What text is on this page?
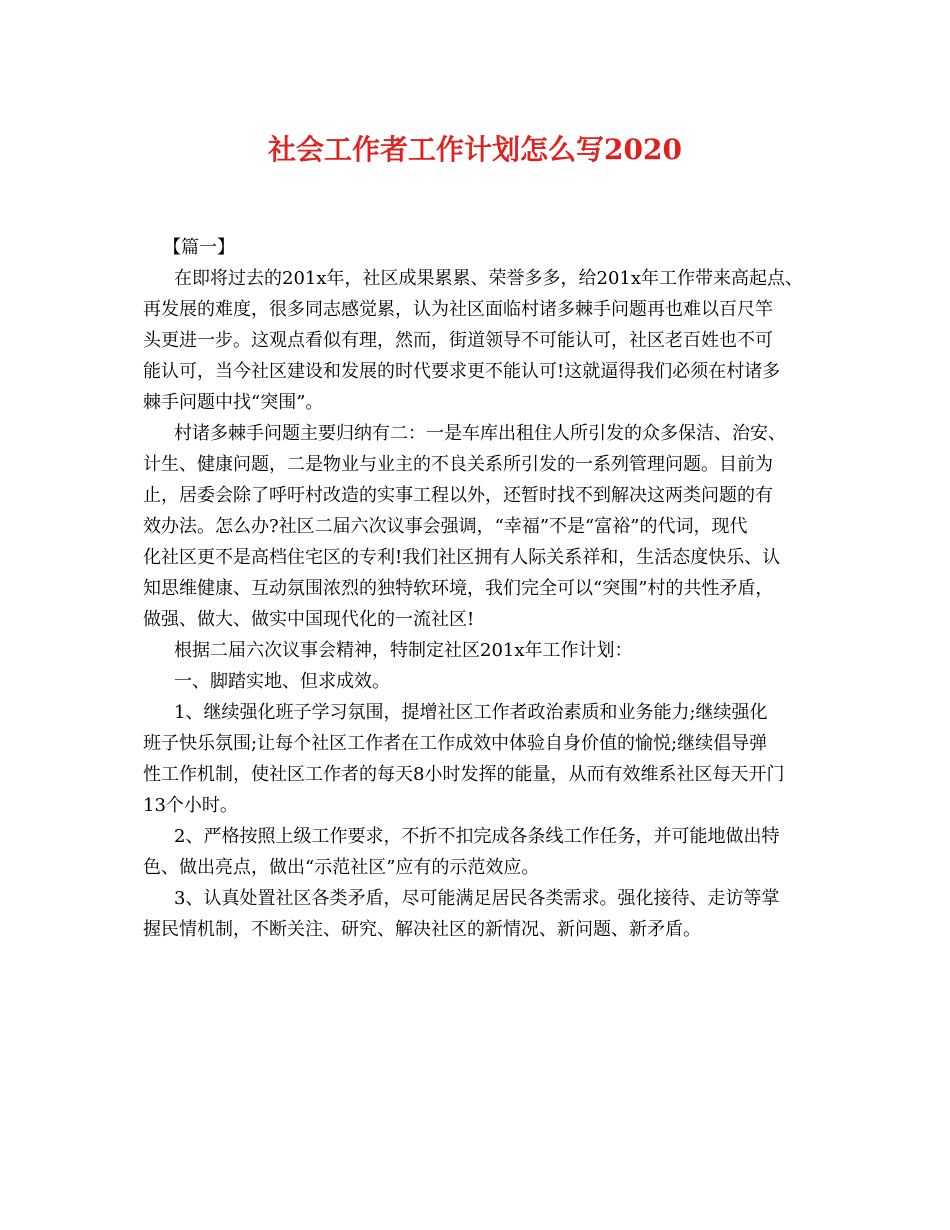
社会工作者工作计划怎么写2020
【篇一】

在即将过去的201x年，社区成果累累、荣誉多多，给201x年工作带来高起点、
再发展的难度，很多同志感觉累，认为社区面临村诸多棘手问题再也难以百尺竿
头更进一步。这观点看似有理，然而，街道领导不可能认可，社区老百姓也不可
能认可，当今社区建设和发展的时代要求更不能认可!这就逼得我们必须在村诸多
棘手问题中找“突围”。

村诸多棘手问题主要归纳有二：一是车库出租住人所引发的众多保洁、治安、
计生、健康问题，二是物业与业主的不良关系所引发的一系列管理问题。目前为
止，居委会除了呼吁村改造的实事工程以外，还暂时找不到解决这两类问题的有
效办法。怎么办?社区二届六次议事会强调，“幸福”不是“富裕”的代词，现代
化社区更不是高档住宅区的专利!我们社区拥有人际关系祥和，生活态度快乐、认
知思维健康、互动氛围浓烈的独特软环境，我们完全可以“突围”村的共性矛盾，
做强、做大、做实中国现代化的一流社区!

根据二届六次议事会精神，特制定社区201x年工作计划：

一、脚踏实地、但求成效。

1、继续强化班子学习氛围，提增社区工作者政治素质和业务能力;继续强化
班子快乐氛围;让每个社区工作者在工作成效中体验自身价值的愉悦;继续倡导弹
性工作机制，使社区工作者的每天8小时发挥的能量，从而有效维系社区每天开门
13个小时。

2、严格按照上级工作要求，不折不扣完成各条线工作任务，并可能地做出特
色、做出亮点，做出“示范社区”应有的示范效应。

3、认真处置社区各类矛盾，尽可能满足居民各类需求。强化接待、走访等掌
握民情机制，不断关注、研究、解决社区的新情况、新问题、新矛盾。
